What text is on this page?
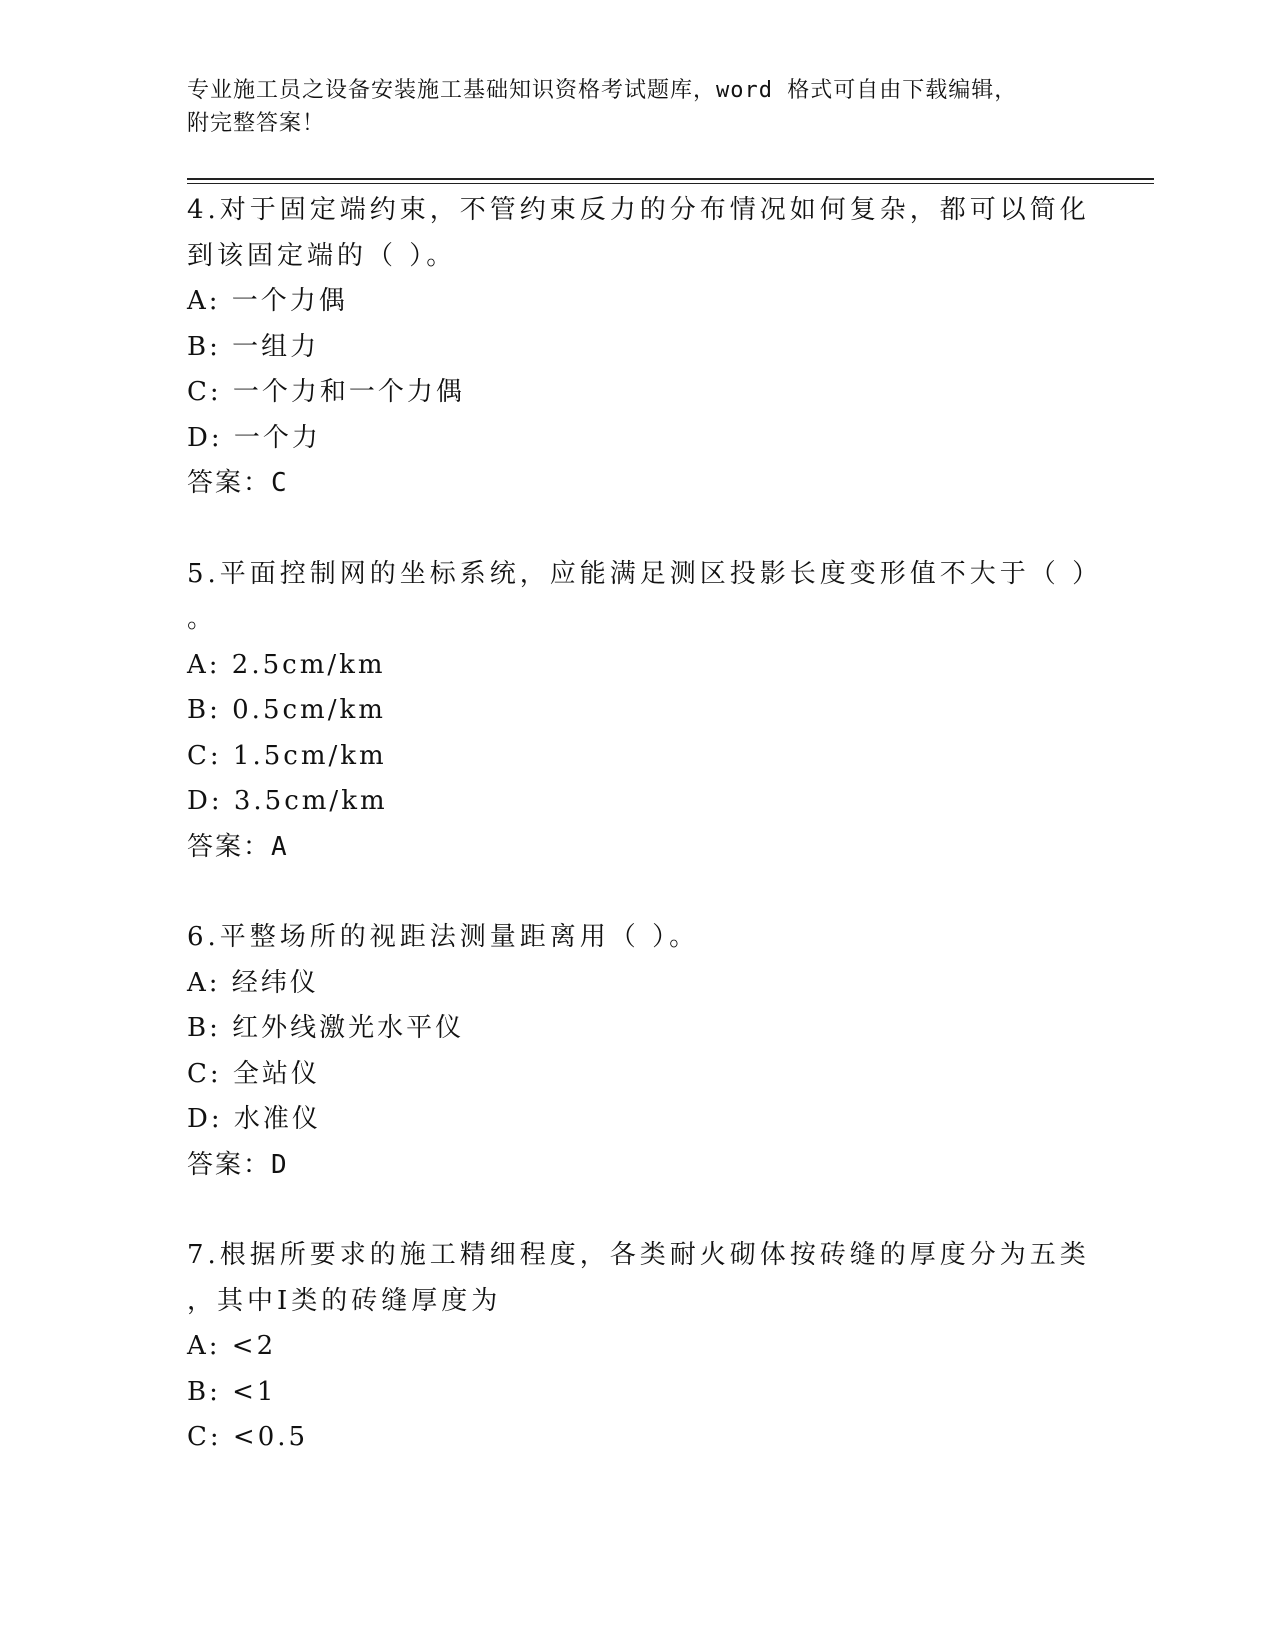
专业施工员之设备安装施工基础知识资格考试题库，word 格式可自由下载编辑，
附完整答案！
4.对于固定端约束，不管约束反力的分布情况如何复杂，都可以简化
到该固定端的（ ）。
A: 一个力偶
B: 一组力
C: 一个力和一个力偶
D: 一个力
答案：C
5.平面控制网的坐标系统，应能满足测区投影长度变形值不大于（ ）
。
A: 2.5cm/km
B: 0.5cm/km
C: 1.5cm/km
D: 3.5cm/km
答案：A
6.平整场所的视距法测量距离用（ ）。
A: 经纬仪
B: 红外线激光水平仪
C: 全站仪
D: 水准仪
答案：D
7.根据所要求的施工精细程度，各类耐火砌体按砖缝的厚度分为五类
，其中Ⅰ类的砖缝厚度为
A: <2
B: <1
C: <0.5
